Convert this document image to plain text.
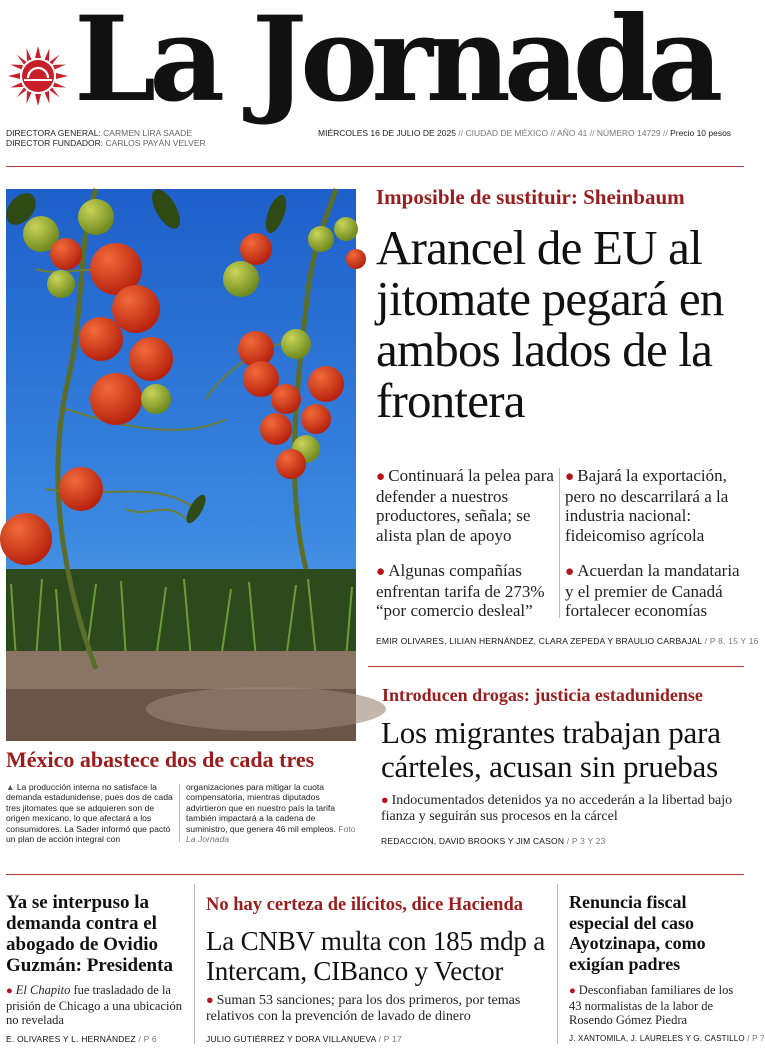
La Jornada
DIRECTORA GENERAL: CARMEN LIRA SAADE
DIRECTOR FUNDADOR: CARLOS PAYÁN VELVER
MIÉRCOLES 16 DE JULIO DE 2025 // CIUDAD DE MÉXICO // AÑO 41 // NÚMERO 14729 // Precio 10 pesos
México abastece dos de cada tres
▲ La producción interna no satisface la demanda estadunidense, pues dos de cada tres jitomates que se adquieren son de origen mexicano, lo que afectará a los consumidores. La Sader informó que pactó un plan de acción integral con
organizaciones para mitigar la cuota compensatoria, mientras diputados advirtieron que en nuestro país la tarifa también impactará a la cadena de suministro, que genera 46 mil empleos. Foto La Jornada
Imposible de sustituir: Sheinbaum
Arancel de EU al jitomate pegará en ambos lados de la frontera
● Continuará la pelea para defender a nuestros productores, señala; se alista plan de apoyo
● Bajará la exportación, pero no descarrilará a la industria nacional: fideicomiso agrícola
● Algunas compañías enfrentan tarifa de 273% “por comercio desleal”
● Acuerdan la mandataria y el premier de Canadá fortalecer economías
EMIR OLIVARES, LILIAN HERNÁNDEZ, CLARA ZEPEDA Y BRAULIO CARBAJAL / P 8, 15 Y 16
Introducen drogas: justicia estadunidense
Los migrantes trabajan para cárteles, acusan sin pruebas
● Indocumentados detenidos ya no accederán a la libertad bajo fianza y seguirán sus procesos en la cárcel
REDACCIÓN, DAVID BROOKS Y JIM CASON / P 3 Y 23
Ya se interpuso la demanda contra el abogado de Ovidio Guzmán: Presidenta
● El Chapito fue trasladado de la prisión de Chicago a una ubicación no revelada
E. OLIVARES Y L. HERNÁNDEZ / P 6
No hay certeza de ilícitos, dice Hacienda
La CNBV multa con 185 mdp a Intercam, CIBanco y Vector
● Suman 53 sanciones; para los dos primeros, por temas relativos con la prevención de lavado de dinero
JULIO GUTIÉRREZ Y DORA VILLANUEVA / P 17
Renuncia fiscal especial del caso Ayotzinapa, como exigían padres
● Desconfiaban familiares de los 43 normalistas de la labor de Rosendo Gómez Piedra
J. XANTOMILA, J. LAURELES Y G. CASTILLO / P 7
